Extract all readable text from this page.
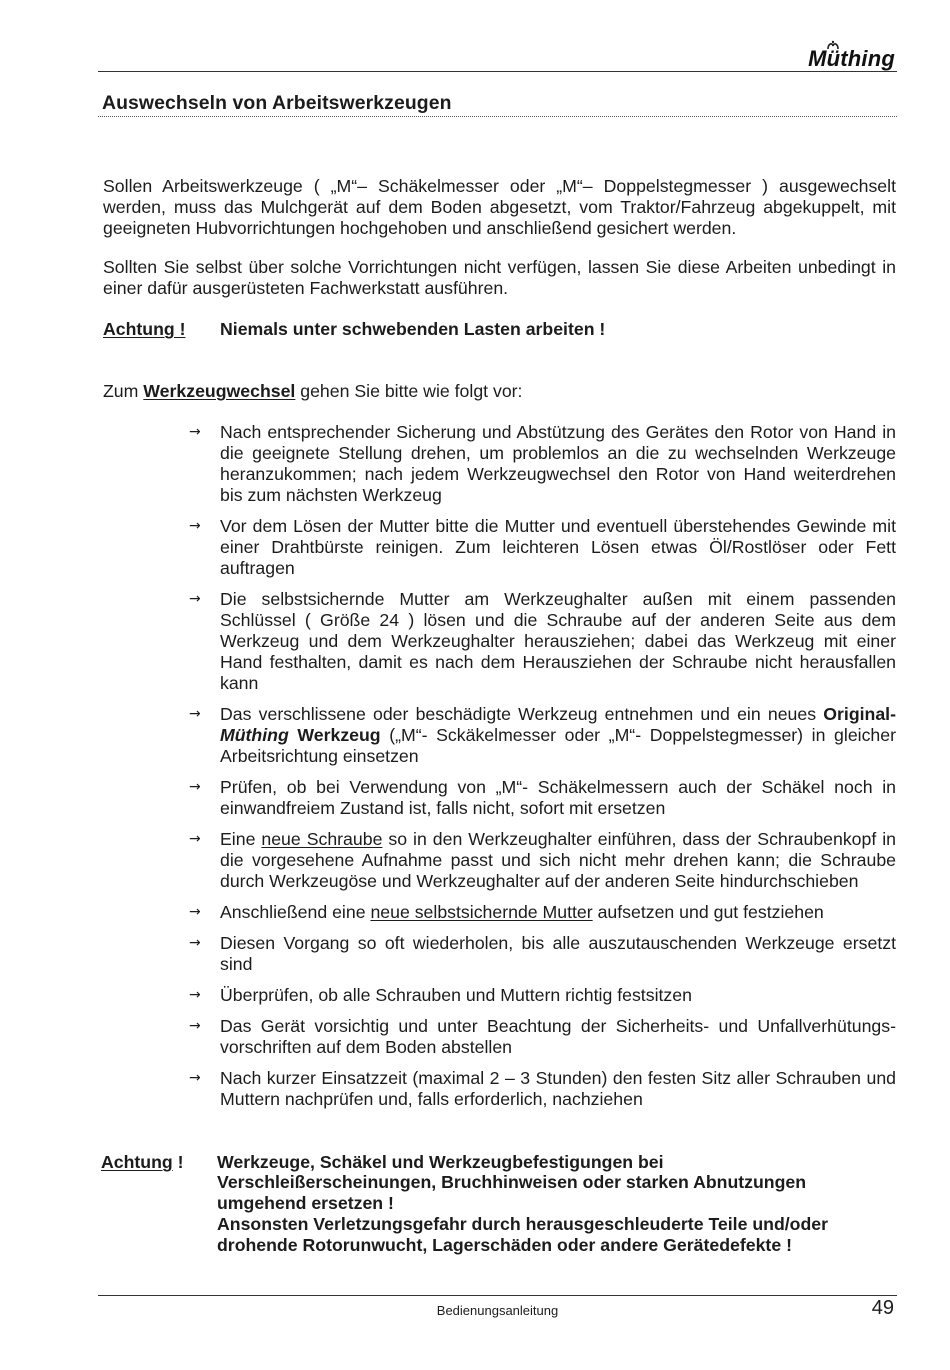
Müthing
Auswechseln von Arbeitswerkzeugen
Sollen Arbeitswerkzeuge ( „M“– Schäkelmesser oder „M“– Doppelstegmesser ) ausgewechselt werden, muss das Mulchgerät auf dem Boden abgesetzt, vom Traktor/Fahrzeug abgekuppelt, mit geeigneten Hubvorrichtungen hochgehoben und anschließend gesichert werden.
Sollten Sie selbst über solche Vorrichtungen nicht verfügen, lassen Sie diese Arbeiten unbedingt in einer dafür ausgerüsteten Fachwerkstatt ausführen.
Achtung ! Niemals unter schwebenden Lasten arbeiten !
Zum Werkzeugwechsel gehen Sie bitte wie folgt vor:
→ Nach entsprechender Sicherung und Abstützung des Gerätes den Rotor von Hand in die geeignete Stellung drehen, um problemlos an die zu wechselnden Werkzeuge heranzukommen; nach jedem Werkzeugwechsel den Rotor von Hand weiterdrehen bis zum nächsten Werkzeug
→ Vor dem Lösen der Mutter bitte die Mutter und eventuell überstehendes Gewinde mit einer Drahtbürste reinigen. Zum leichteren Lösen etwas Öl/Rostlöser oder Fett auftragen
→ Die selbstsichernde Mutter am Werkzeughalter außen mit einem passenden Schlüssel ( Größe 24 ) lösen und die Schraube auf der anderen Seite aus dem Werkzeug und dem Werkzeughalter herausziehen; dabei das Werkzeug mit einer Hand festhalten, damit es nach dem Herausziehen der Schraube nicht herausfallen kann
→ Das verschlissene oder beschädigte Werkzeug entnehmen und ein neues Original-Müthing Werkzeug („M“- Sckäkelmesser oder „M“- Doppelstegmesser) in gleicher Arbeitsrichtung einsetzen
→ Prüfen, ob bei Verwendung von „M“- Schäkelmessern auch der Schäkel noch in einwandfreiem Zustand ist, falls nicht, sofort mit ersetzen
→ Eine neue Schraube so in den Werkzeughalter einführen, dass der Schraubenkopf in die vorgesehene Aufnahme passt und sich nicht mehr drehen kann; die Schraube durch Werkzeugöse und Werkzeughalter auf der anderen Seite hindurchschieben
→ Anschließend eine neue selbstsichernde Mutter aufsetzen und gut festziehen
→ Diesen Vorgang so oft wiederholen, bis alle auszutauschenden Werkzeuge ersetzt sind
→ Überprüfen, ob alle Schrauben und Muttern richtig festsitzen
→ Das Gerät vorsichtig und unter Beachtung der Sicherheits- und Unfallverhütungs-vorschriften auf dem Boden abstellen
→ Nach kurzer Einsatzzeit (maximal 2 – 3 Stunden) den festen Sitz aller Schrauben und Muttern nachprüfen und, falls erforderlich, nachziehen
Achtung ! Werkzeuge, Schäkel und Werkzeugbefestigungen bei
Verschleißerscheinungen, Bruchhinweisen oder starken Abnutzungen
umgehend ersetzen !
Ansonsten Verletzungsgefahr durch herausgeschleuderte Teile und/oder
drohende Rotorunwucht, Lagerschäden oder andere Gerätedefekte !
Bedienungsanleitung	49
